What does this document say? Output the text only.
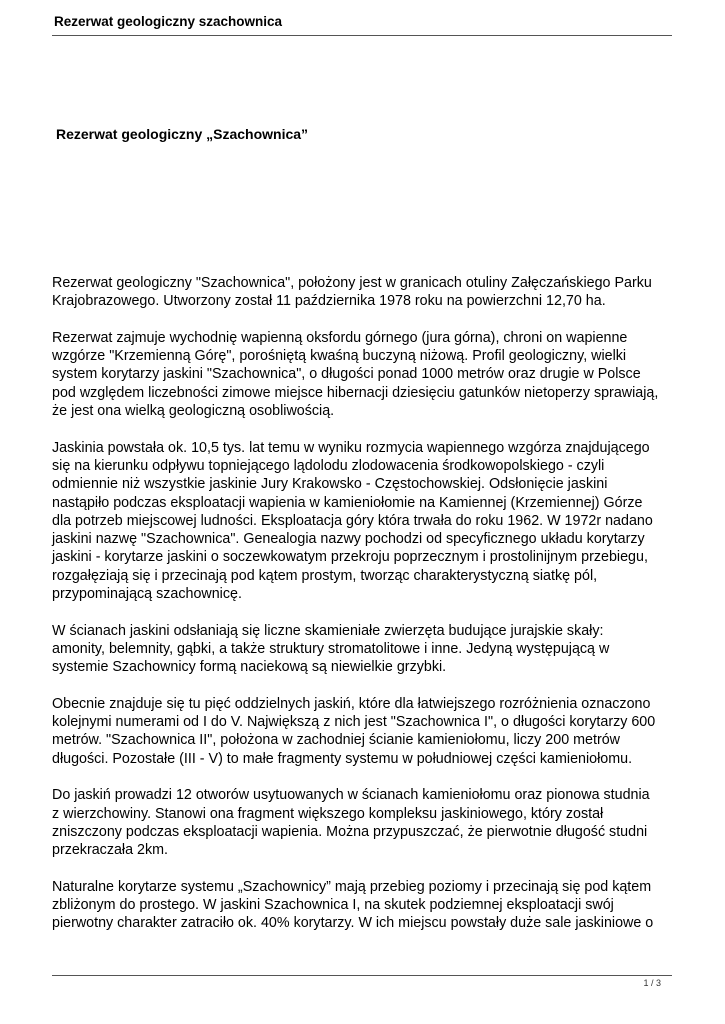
Rezerwat geologiczny szachownica
Rezerwat geologiczny „Szachownica”

Rezerwat geologiczny "Szachownica", położony jest w granicach otuliny Załęczańskiego Parku
Krajobrazowego. Utworzony został 11 października 1978 roku na powierzchni 12,70 ha.

Rezerwat zajmuje wychodnię wapienną oksfordu górnego (jura górna), chroni on wapienne
wzgórze "Krzemienną Górę", porośniętą kwaśną buczyną niżową. Profil geologiczny, wielki
system korytarzy jaskini "Szachownica", o długości ponad 1000 metrów oraz drugie w Polsce
pod względem liczebności zimowe miejsce hibernacji dziesięciu gatunków nietoperzy sprawiają,
że jest ona wielką geologiczną osobliwością.

Jaskinia powstała ok. 10,5 tys. lat temu w wyniku rozmycia wapiennego wzgórza znajdującego
się na kierunku odpływu topniejącego lądolodu zlodowacenia środkowopolskiego - czyli
odmiennie niż wszystkie jaskinie Jury Krakowsko - Częstochowskiej. Odsłonięcie jaskini
nastąpiło podczas eksploatacji wapienia w kamieniołomie na Kamiennej (Krzemiennej) Górze
dla potrzeb miejscowej ludności. Eksploatacja góry która trwała do roku 1962. W 1972r nadano
jaskini nazwę "Szachownica". Genealogia nazwy pochodzi od specyficznego układu korytarzy
jaskini - korytarze jaskini o soczewkowatym przekroju poprzecznym i prostolinijnym przebiegu,
rozgałęziają się i przecinają pod kątem prostym, tworząc charakterystyczną siatkę pól,
przypominającą szachownicę.

W ścianach jaskini odsłaniają się liczne skamieniałe zwierzęta budujące jurajskie skały:
amonity, belemnity, gąbki, a także struktury stromatolitowe i inne. Jedyną występującą w
systemie Szachownicy formą naciekową są niewielkie grzybki.

Obecnie znajduje się tu pięć oddzielnych jaskiń, które dla łatwiejszego rozróżnienia oznaczono
kolejnymi numerami od I do V. Największą z nich jest "Szachownica I", o długości korytarzy 600
metrów. "Szachownica II", położona w zachodniej ścianie kamieniołomu, liczy 200 metrów
długości. Pozostałe (III - V) to małe fragmenty systemu w południowej części kamieniołomu.

Do jaskiń prowadzi 12 otworów usytuowanych w ścianach kamieniołomu oraz pionowa studnia
z wierzchowiny. Stanowi ona fragment większego kompleksu jaskiniowego, który został
zniszczony podczas eksploatacji wapienia. Można przypuszczać, że pierwotnie długość studni
przekraczała 2km.

Naturalne korytarze systemu „Szachownicy” mają przebieg poziomy i przecinają się pod kątem
zbliżonym do prostego. W jaskini Szachownica I, na skutek podziemnej eksploatacji swój
pierwotny charakter zatraciło ok. 40% korytarzy. W ich miejscu powstały duże sale jaskiniowe o

1 / 3
